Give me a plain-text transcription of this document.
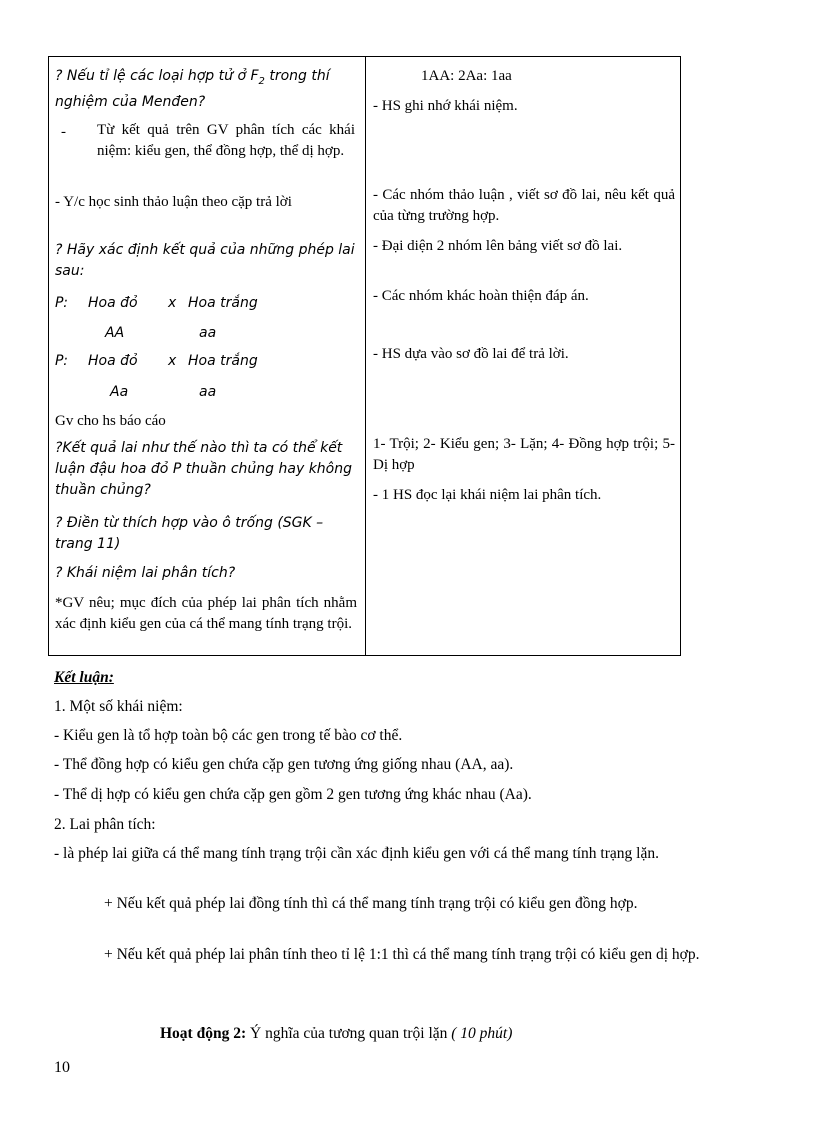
? Nếu tỉ lệ các loại hợp tử ở $F_2$ trong thí nghiệm của Menđen?
- Từ kết quả trên GV phân tích các khái niệm: kiểu gen, thể đồng hợp, thể dị hợp.
- Y/c học sinh thảo luận theo cặp trả lời
? Hãy xác định kết quả của những phép lai sau:
P: Hoa đỏ x Hoa trắng
AA	aa
P: Hoa đỏ x Hoa trắng
Aa	aa
Gv cho hs báo cáo
?Kết quả lai như thế nào thì ta có thể kết luận đậu hoa đỏ P thuần chủng hay không thuần chủng?
? Điền từ thích hợp vào ô trống (SGK – trang 11)
? Khái niệm lai phân tích?
*GV nêu; mục đích của phép lai phân tích nhằm xác định kiểu gen của cá thể mang tính trạng trội.
1AA: 2Aa: 1aa
- HS ghi nhớ khái niệm.
- Các nhóm thảo luận , viết sơ đồ lai, nêu kết quả của từng trường hợp.
- Đại diện 2 nhóm lên bảng viết sơ đồ lai.
- Các nhóm khác hoàn thiện đáp án.
- HS dựa vào sơ đồ lai để trả lời.
1- Trội; 2- Kiểu gen; 3- Lặn; 4- Đồng hợp trội; 5- Dị hợp
- 1 HS đọc lại khái niệm lai phân tích.
Kết luận:
1. Một số khái niệm:
- Kiểu gen là tổ hợp toàn bộ các gen trong tế bào cơ thể.
- Thể đồng hợp có kiểu gen chứa cặp gen tương ứng giống nhau (AA, aa).
- Thể dị hợp có kiểu gen chứa cặp gen gồm 2 gen tương ứng khác nhau (Aa).
2. Lai phân tích:
- là phép lai giữa cá thể mang tính trạng trội cần xác định kiểu gen với cá thể mang tính trạng lặn.
+ Nếu kết quả phép lai đồng tính thì cá thể mang tính trạng trội có kiểu gen đồng hợp.
+ Nếu kết quả phép lai phân tính theo tỉ lệ 1:1 thì cá thể mang tính trạng trội có kiểu gen dị hợp.
Hoạt động 2: Ý nghĩa của tương quan trội lặn ( 10 phút)
10
